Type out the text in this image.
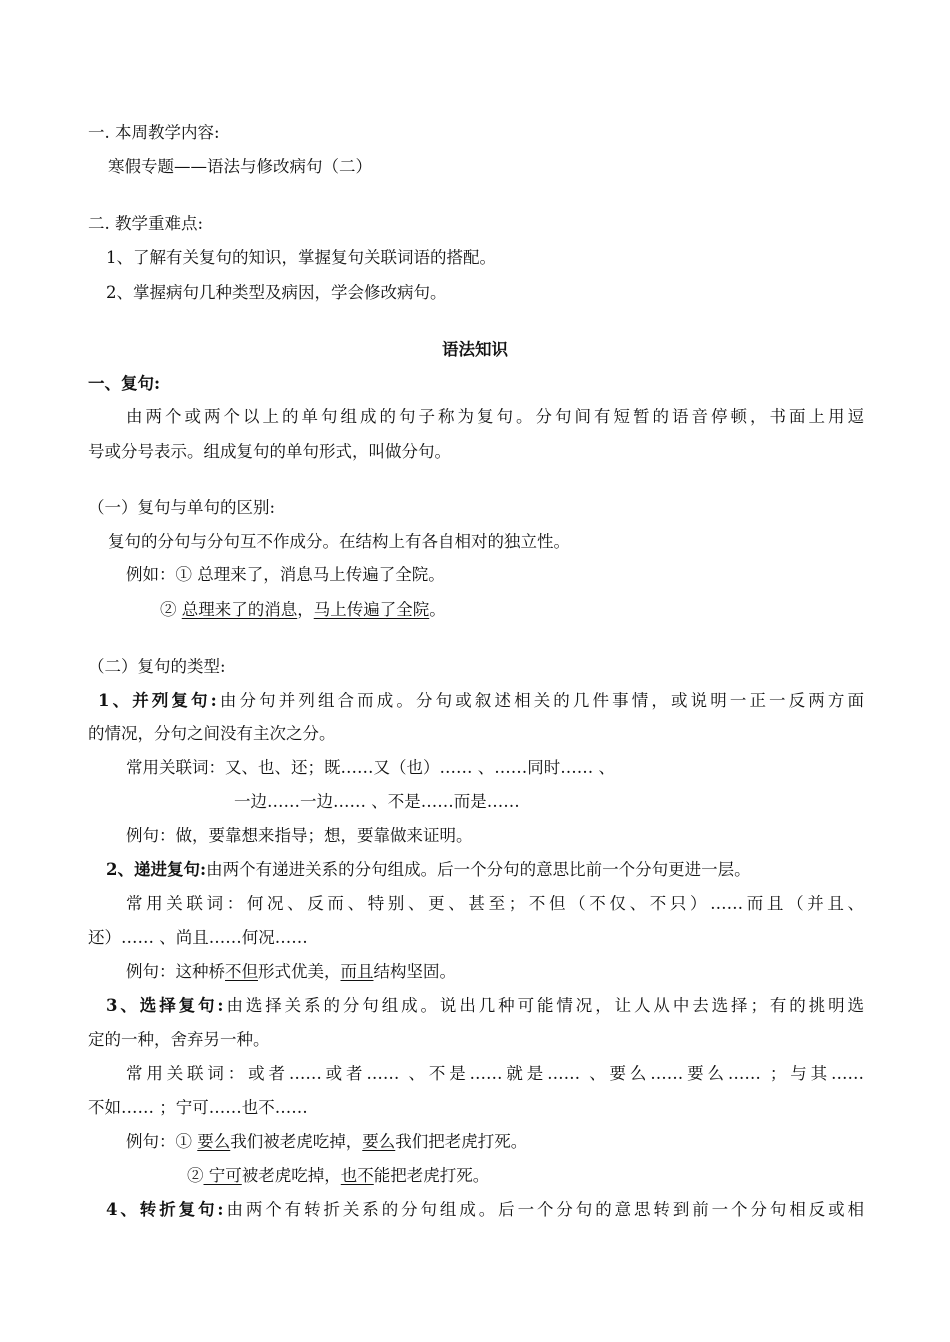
一. 本周教学内容:
寒假专题——语法与修改病句（二）
二. 教学重难点:
1、了解有关复句的知识，掌握复句关联词语的搭配。
2、掌握病句几种类型及病因，学会修改病句。
语法知识
一、复句:
由两个或两个以上的单句组成的句子称为复句。分句间有短暂的语音停顿，书面上用逗
号或分号表示。组成复句的单句形式，叫做分句。
（一）复句与单句的区别:
复句的分句与分句互不作成分。在结构上有各自相对的独立性。
例如：① 总理来了，消息马上传遍了全院。
② 总理来了的消息，马上传遍了全院。
（二）复句的类型:
1、并列复句:由分句并列组合而成。分句或叙述相关的几件事情，或说明一正一反两方面
的情况，分句之间没有主次之分。
常用关联词：又、也、还；既……又（也）…… 、……同时…… 、
一边……一边…… 、不是……而是……
例句：做，要靠想来指导；想，要靠做来证明。
2、递进复句:由两个有递进关系的分句组成。后一个分句的意思比前一个分句更进一层。
常用关联词：何况、反而、特别、更、甚至；不但（不仅、不只）……而且（并且、
还）…… 、尚且……何况……
例句：这种桥不但形式优美，而且结构坚固。
3、选择复句:由选择关系的分句组成。说出几种可能情况，让人从中去选择；有的挑明选
定的一种，舍弃另一种。
常用关联词：或者……或者…… 、不是……就是…… 、要么……要么…… ；与其……
不如…… ；宁可……也不……
例句：① 要么我们被老虎吃掉，要么我们把老虎打死。
② 宁可被老虎吃掉，也不能把老虎打死。
4、转折复句:由两个有转折关系的分句组成。后一个分句的意思转到前一个分句相反或相
